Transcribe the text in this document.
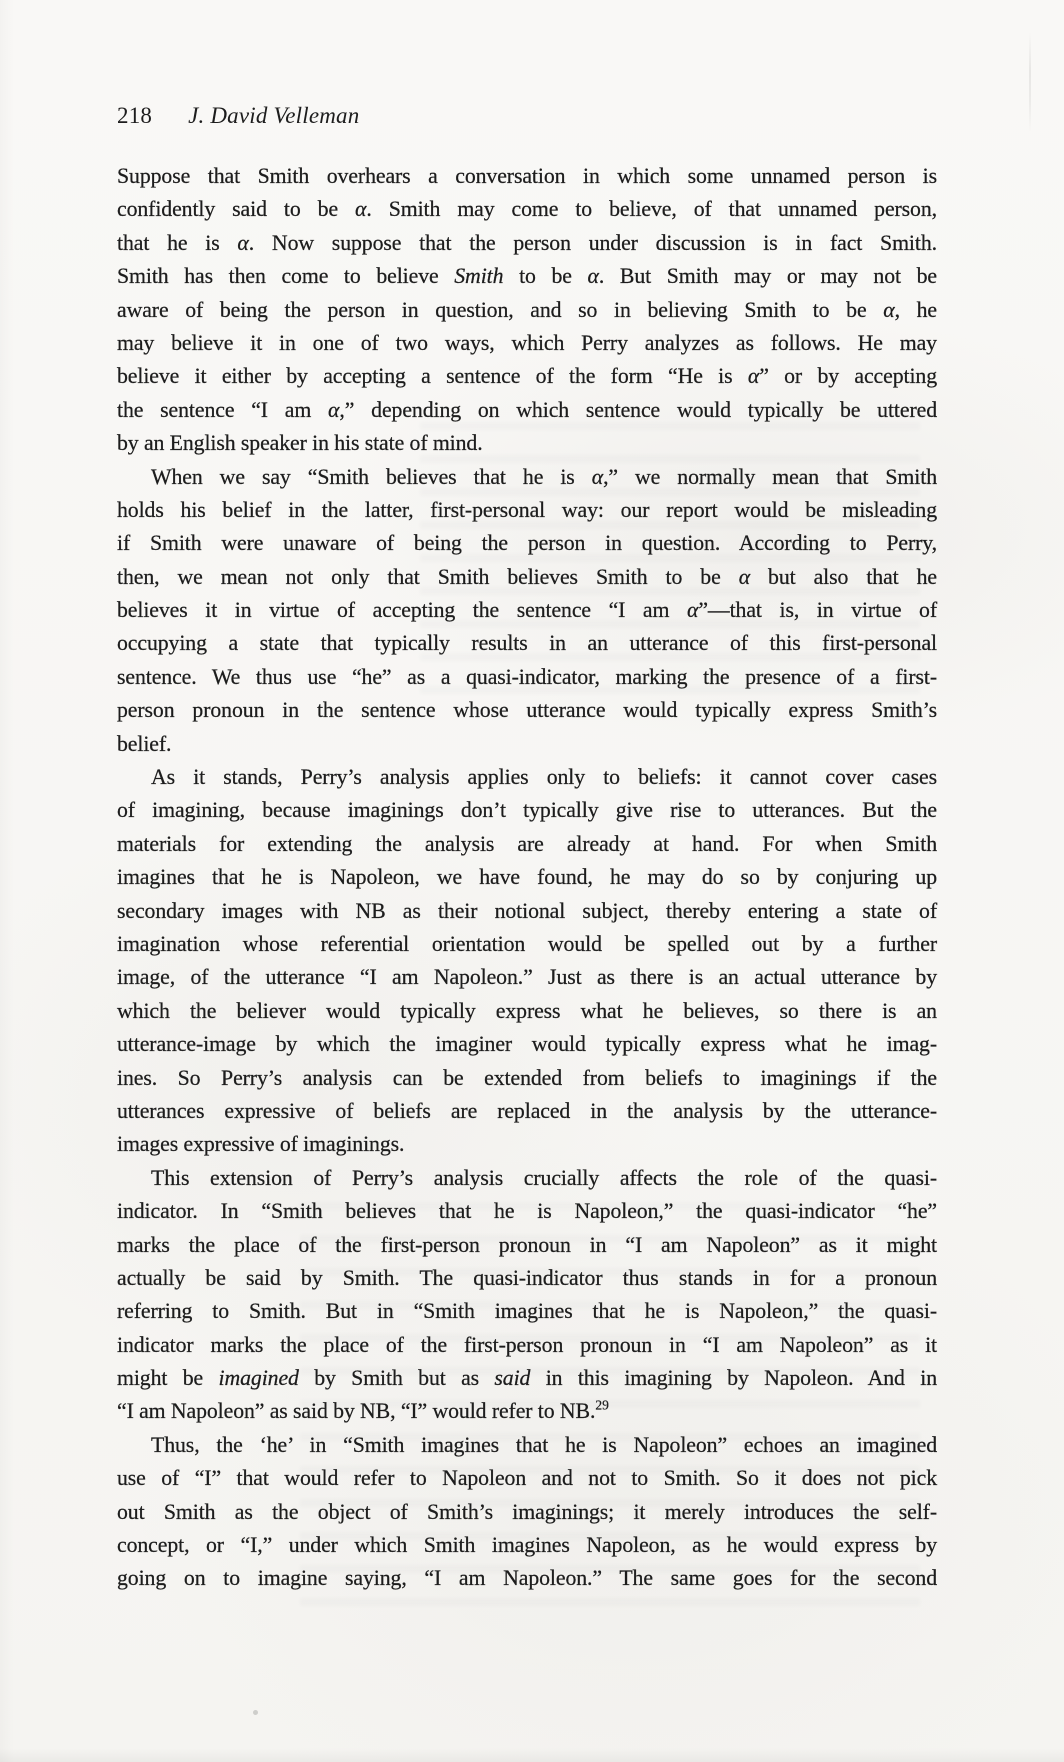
218 J. David Velleman
Suppose that Smith overhears a conversation in which some unnamed person is
confidently said to be α. Smith may come to believe, of that unnamed person,
that he is α. Now suppose that the person under discussion is in fact Smith.
Smith has then come to believe Smith to be α. But Smith may or may not be
aware of being the person in question, and so in believing Smith to be α, he
may believe it in one of two ways, which Perry analyzes as follows. He may
believe it either by accepting a sentence of the form “He is α” or by accepting
the sentence “I am α,” depending on which sentence would typically be uttered
by an English speaker in his state of mind.
When we say “Smith believes that he is α,” we normally mean that Smith
holds his belief in the latter, first-personal way: our report would be misleading
if Smith were unaware of being the person in question. According to Perry,
then, we mean not only that Smith believes Smith to be α but also that he
believes it in virtue of accepting the sentence “I am α”—that is, in virtue of
occupying a state that typically results in an utterance of this first-personal
sentence. We thus use “he” as a quasi-indicator, marking the presence of a first-
person pronoun in the sentence whose utterance would typically express Smith’s
belief.
As it stands, Perry’s analysis applies only to beliefs: it cannot cover cases
of imagining, because imaginings don’t typically give rise to utterances. But the
materials for extending the analysis are already at hand. For when Smith
imagines that he is Napoleon, we have found, he may do so by conjuring up
secondary images with NB as their notional subject, thereby entering a state of
imagination whose referential orientation would be spelled out by a further
image, of the utterance “I am Napoleon.” Just as there is an actual utterance by
which the believer would typically express what he believes, so there is an
utterance-image by which the imaginer would typically express what he imag-
ines. So Perry’s analysis can be extended from beliefs to imaginings if the
utterances expressive of beliefs are replaced in the analysis by the utterance-
images expressive of imaginings.
This extension of Perry’s analysis crucially affects the role of the quasi-
indicator. In “Smith believes that he is Napoleon,” the quasi-indicator “he”
marks the place of the first-person pronoun in “I am Napoleon” as it might
actually be said by Smith. The quasi-indicator thus stands in for a pronoun
referring to Smith. But in “Smith imagines that he is Napoleon,” the quasi-
indicator marks the place of the first-person pronoun in “I am Napoleon” as it
might be imagined by Smith but as said in this imagining by Napoleon. And in
“I am Napoleon” as said by NB, “I” would refer to NB.$^{29}$
Thus, the ‘he’ in “Smith imagines that he is Napoleon” echoes an imagined
use of “I” that would refer to Napoleon and not to Smith. So it does not pick
out Smith as the object of Smith’s imaginings; it merely introduces the self-
concept, or “I,” under which Smith imagines Napoleon, as he would express by
going on to imagine saying, “I am Napoleon.” The same goes for the second
